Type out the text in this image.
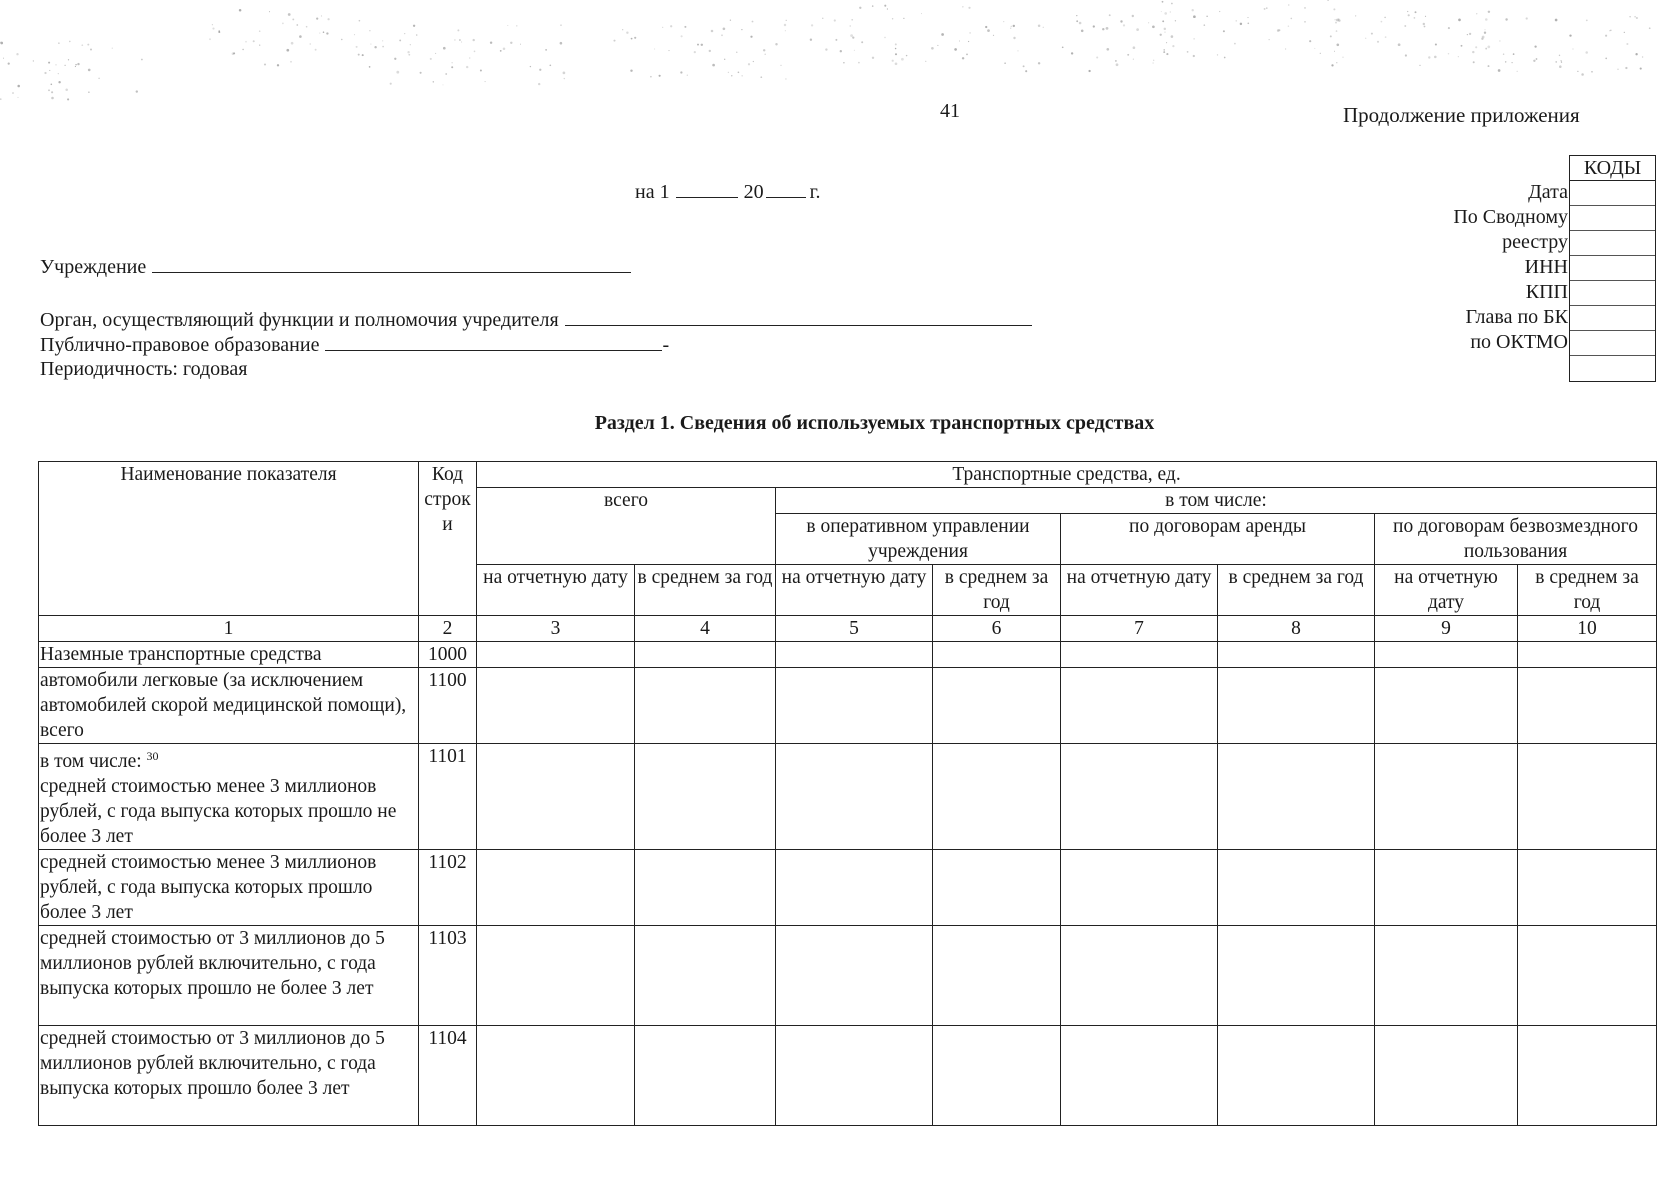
41	Продолжение приложения
на 1	20 г.
Учреждение
Орган, осуществляющий функции и полномочия учредителя
Публично-правовое образование	-
Периодичность: годовая
Дата
По Сводному
реестру
ИНН
КПП
Глава по БК
по ОКТМО
КОДЫ
Раздел 1. Сведения об используемых транспортных средствах
Наименование показателя	Код строк и	Транспортные средства, ед.							
		всего		в том числе:					
				в оперативном управлении учреждения		по договорам аренды		по договорам безвозмездного пользования	
		на отчетную дату	в среднем за год	на отчетную дату	в среднем за год	на отчетную дату	в среднем за год	на отчетную дату	в среднем за год
1	2	3	4	5	6	7	8	9	10
Наземные транспортные средства	1000								
автомобили легковые (за исключением автомобилей скорой медицинской помощи), всего	1100								
в том числе: $^{30}$
средней стоимостью менее 3 миллионов рублей, с года выпуска которых прошло не более 3 лет	1101								
средней стоимостью менее 3 миллионов рублей, с года выпуска которых прошло более 3 лет	1102								
средней стоимостью от 3 миллионов до 5 миллионов рублей включительно, с года выпуска которых прошло не более 3 лет	1103								
средней стоимостью от 3 миллионов до 5 миллионов рублей включительно, с года выпуска которых прошло более 3 лет	1104								
